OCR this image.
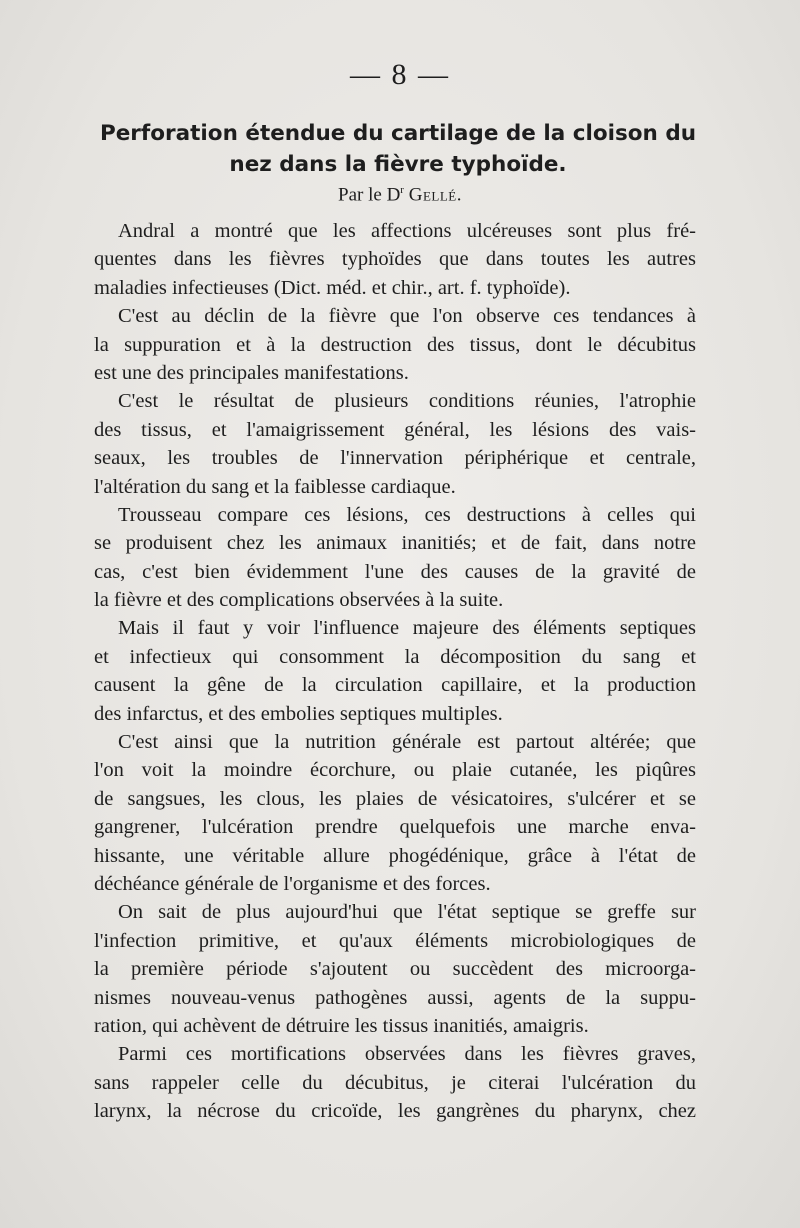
— 8 —
Perforation étendue du cartilage de la cloison du
nez dans la fièvre typhoïde.
Par le $D^r$ Gellé.
Andral a montré que les affections ulcéreuses sont plus fré-
quentes dans les fièvres typhoïdes que dans toutes les autres
maladies infectieuses (Dict. méd. et chir., art. f. typhoïde).
C'est au déclin de la fièvre que l'on observe ces tendances à
la suppuration et à la destruction des tissus, dont le décubitus
est une des principales manifestations.
C'est le résultat de plusieurs conditions réunies, l'atrophie
des tissus, et l'amaigrissement général, les lésions des vais-
seaux, les troubles de l'innervation périphérique et centrale,
l'altération du sang et la faiblesse cardiaque.
Trousseau compare ces lésions, ces destructions à celles qui
se produisent chez les animaux inanitiés; et de fait, dans notre
cas, c'est bien évidemment l'une des causes de la gravité de
la fièvre et des complications observées à la suite.
Mais il faut y voir l'influence majeure des éléments septiques
et infectieux qui consomment la décomposition du sang et
causent la gêne de la circulation capillaire, et la production
des infarctus, et des embolies septiques multiples.
C'est ainsi que la nutrition générale est partout altérée; que
l'on voit la moindre écorchure, ou plaie cutanée, les piqûres
de sangsues, les clous, les plaies de vésicatoires, s'ulcérer et se
gangrener, l'ulcération prendre quelquefois une marche enva-
hissante, une véritable allure phogédénique, grâce à l'état de
déchéance générale de l'organisme et des forces.
On sait de plus aujourd'hui que l'état septique se greffe sur
l'infection primitive, et qu'aux éléments microbiologiques de
la première période s'ajoutent ou succèdent des microorga-
nismes nouveau-venus pathogènes aussi, agents de la suppu-
ration, qui achèvent de détruire les tissus inanitiés, amaigris.
Parmi ces mortifications observées dans les fièvres graves,
sans rappeler celle du décubitus, je citerai l'ulcération du
larynx, la nécrose du cricoïde, les gangrènes du pharynx, chez
